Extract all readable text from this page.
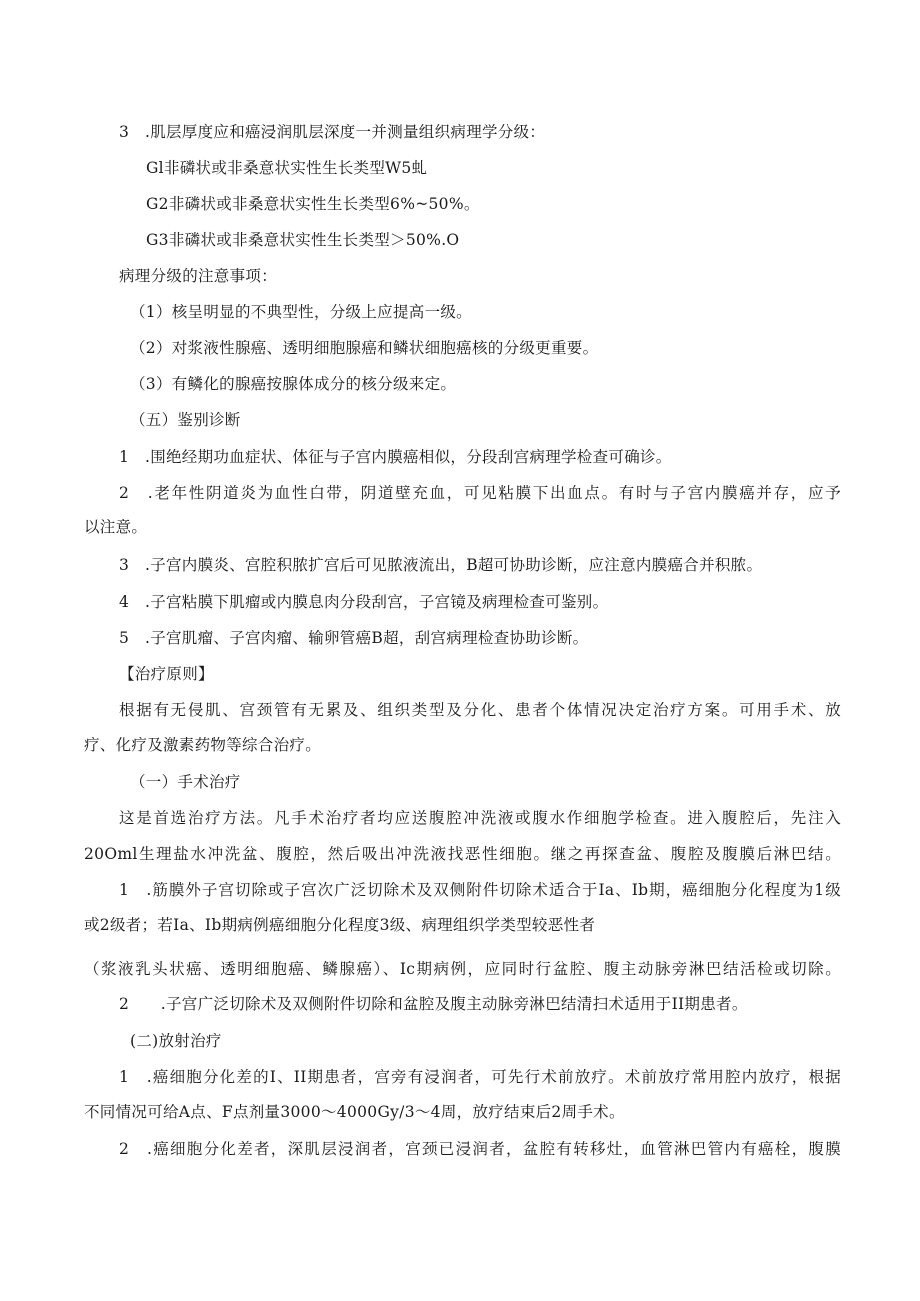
3　.肌层厚度应和癌浸润肌层深度一并测量组织病理学分级：
Gl非磷状或非桑意状实性生长类型W5虬
G2非磷状或非桑意状实性生长类型6%~50%。
G3非磷状或非桑意状实性生长类型＞50%.O
病理分级的注意事项：
（1）核呈明显的不典型性，分级上应提高一级。
（2）对浆液性腺癌、透明细胞腺癌和鳞状细胞癌核的分级更重要。
（3）有鳞化的腺癌按腺体成分的核分级来定。
（五）鉴别诊断
1　.围绝经期功血症状、体征与子宫内膜癌相似，分段刮宫病理学检查可确诊。
2　.老年性阴道炎为血性白带，阴道壁充血，可见粘膜下出血点。有时与子宫内膜癌并存，应予
以注意。
3　.子宫内膜炎、宫腔积脓扩宫后可见脓液流出，B超可协助诊断，应注意内膜癌合并积脓。
4　.子宫粘膜下肌瘤或内膜息肉分段刮宫，子宫镜及病理检查可鉴别。
5　.子宫肌瘤、子宫肉瘤、输卵管癌B超，刮宫病理检查协助诊断。
【治疗原则】
根据有无侵肌、宫颈管有无累及、组织类型及分化、患者个体情况决定治疗方案。可用手术、放
疗、化疗及激素药物等综合治疗。
（一）手术治疗
这是首选治疗方法。凡手术治疗者均应送腹腔冲洗液或腹水作细胞学检查。进入腹腔后，先注入
20Oml生理盐水冲洗盆、腹腔，然后吸出冲洗液找恶性细胞。继之再探查盆、腹腔及腹膜后淋巴结。
1　.筋膜外子宫切除或子宫次广泛切除术及双侧附件切除术适合于Ia、Ib期，癌细胞分化程度为1级
或2级者；若Ia、Ib期病例癌细胞分化程度3级、病理组织学类型较恶性者
（浆液乳头状癌、透明细胞癌、鳞腺癌）、Ic期病例，应同时行盆腔、腹主动脉旁淋巴结活检或切除。
2　　.子宫广泛切除术及双侧附件切除和盆腔及腹主动脉旁淋巴结清扫术适用于II期患者。
(二)放射治疗
1　.癌细胞分化差的I、II期患者，宫旁有浸润者，可先行术前放疗。术前放疗常用腔内放疗，根据
不同情况可给A点、F点剂量3000～4000Gy/3～4周，放疗结束后2周手术。
2　.癌细胞分化差者，深肌层浸润者，宫颈已浸润者，盆腔有转移灶，血管淋巴管内有癌栓，腹膜
